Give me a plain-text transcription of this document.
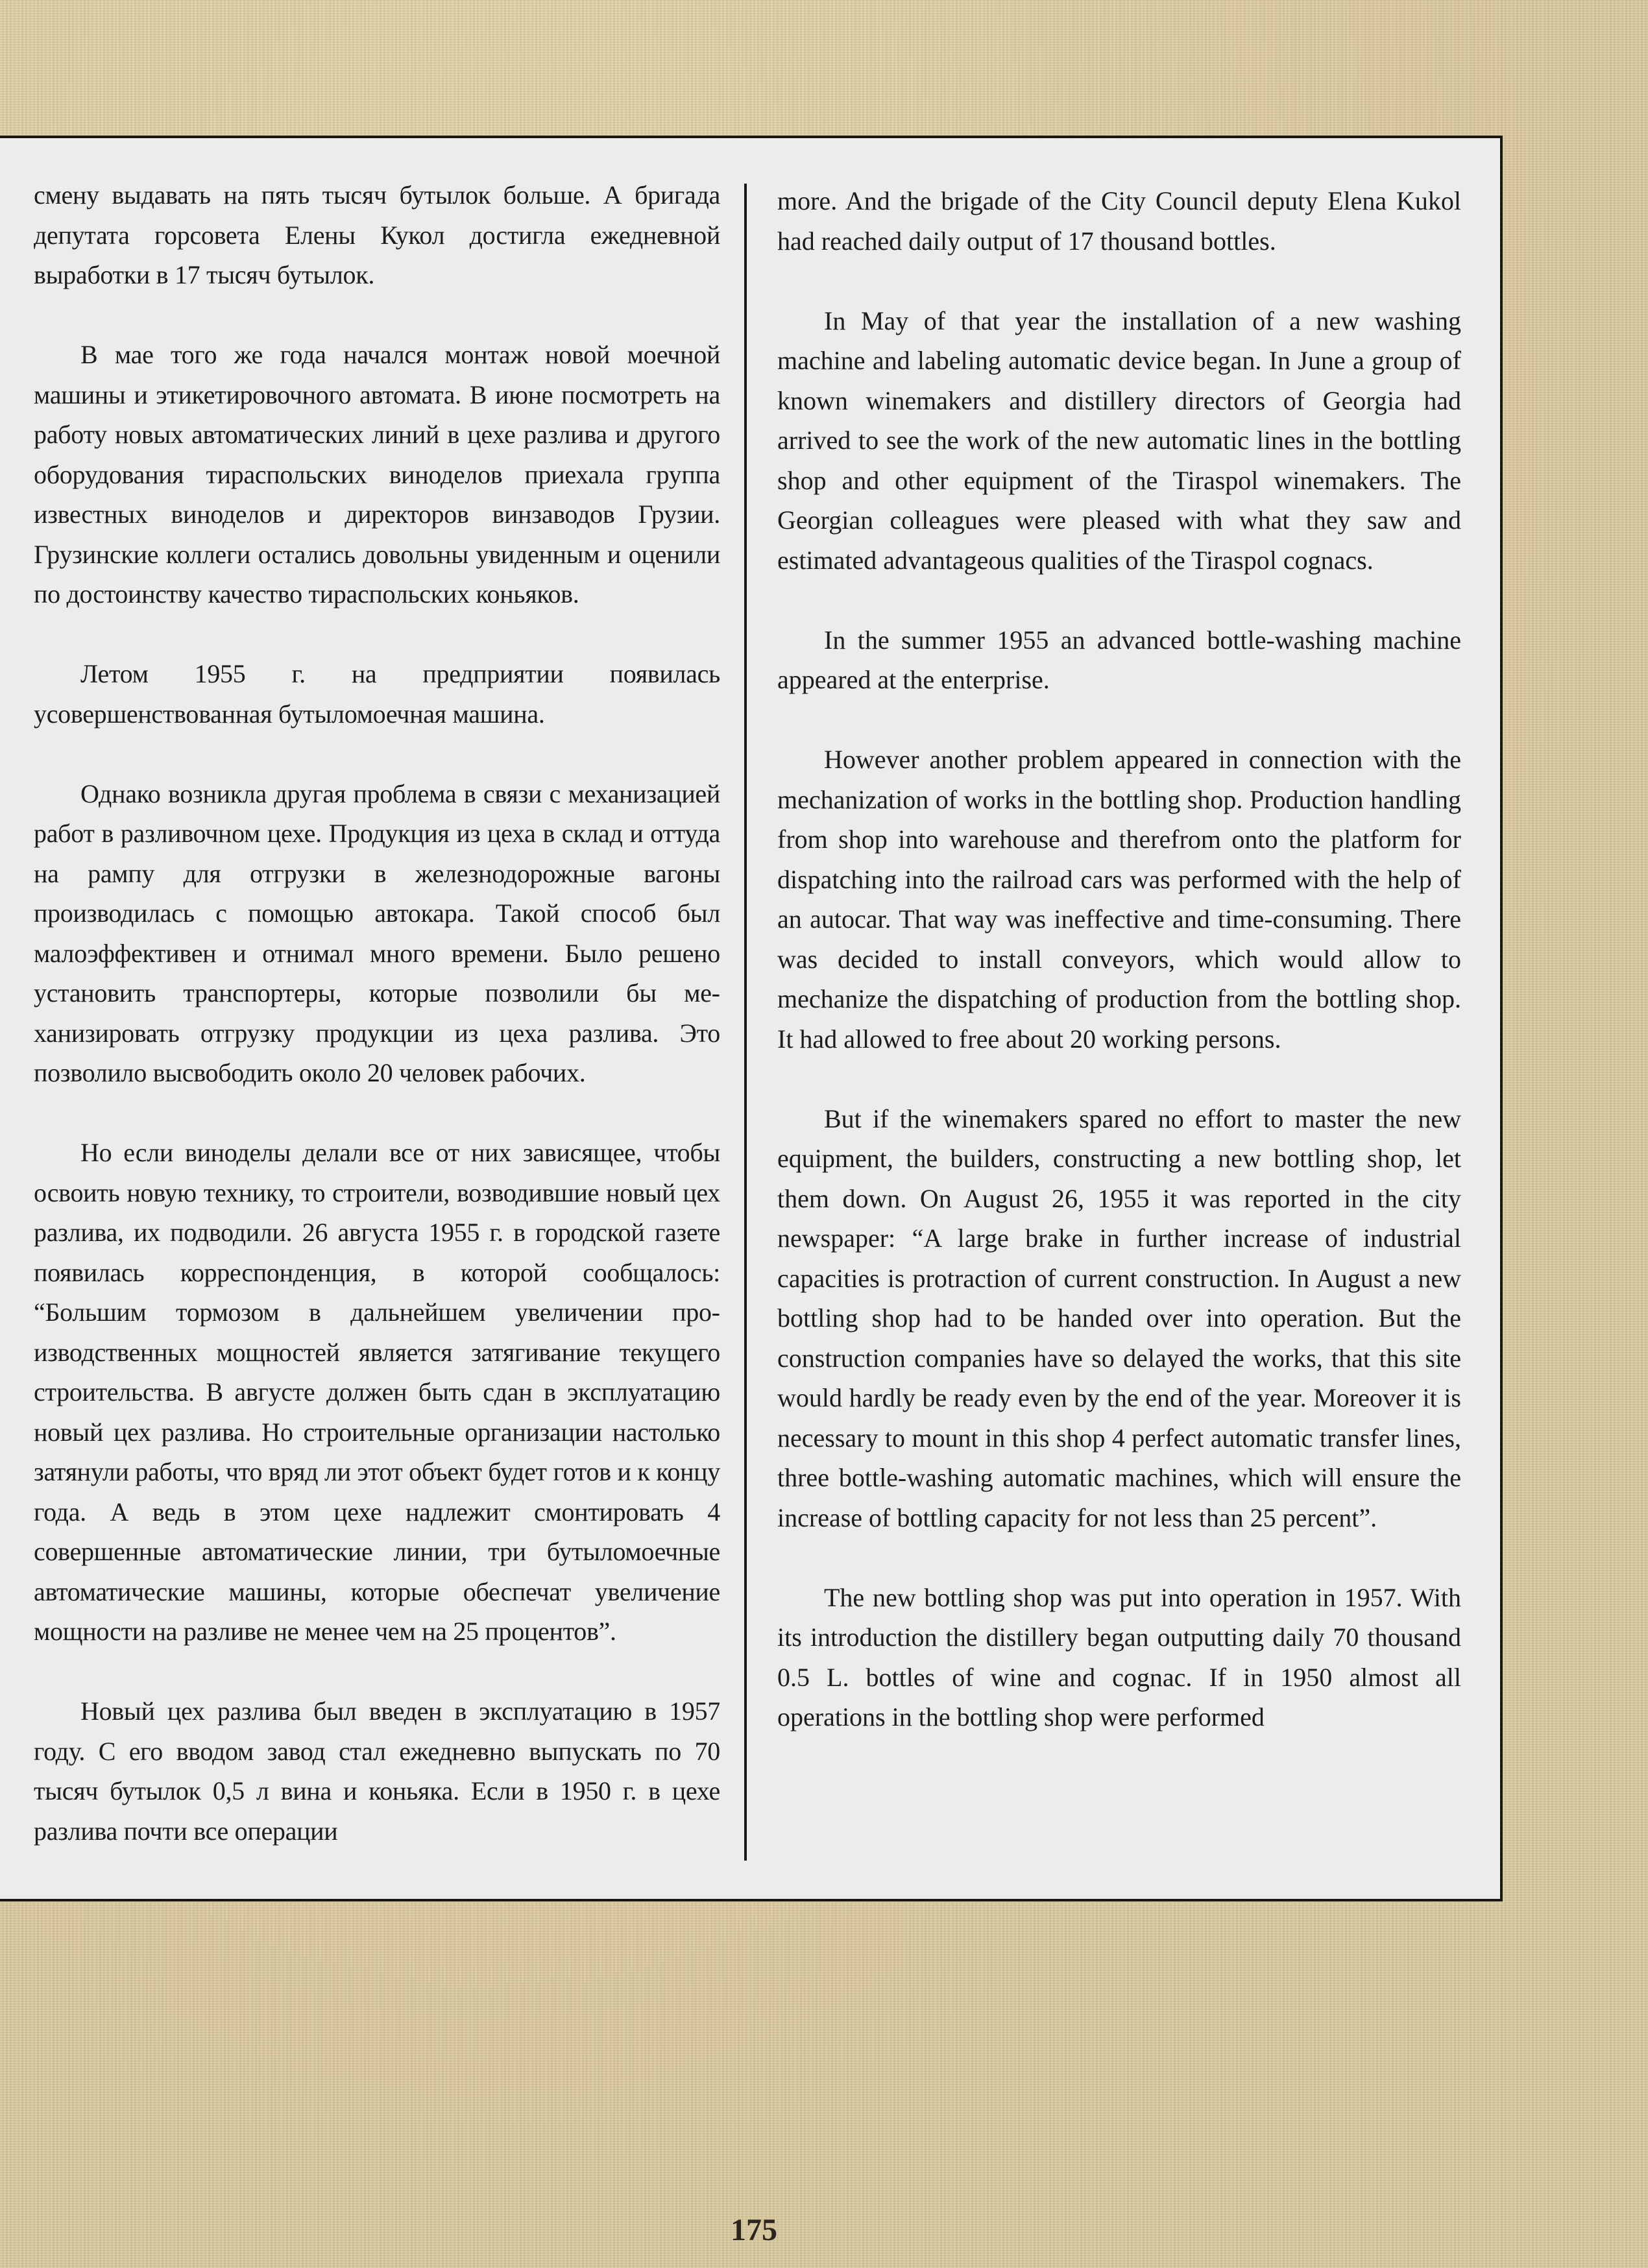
смену выдавать на пять тысяч бутылок больше. А бригада депутата горсовета Елены Кукол достигла ежедневной выработки в 17 тысяч бутылок.

В мае того же года начался монтаж новой моечной машины и этикетировочного автомата. В июне посмотреть на работу новых автоматических линий в цехе разлива и другого оборудования тираспольских виноделов приехала группа известных виноделов и директоров винзаводов Грузии. Грузинские коллеги остались довольны увиденным и оценили по достоинству качество тираспольских коньяков.

Летом 1955 г. на предприятии появилась усовершенствованная бутыломоечная машина.

Однако возникла другая проблема в связи с механизацией работ в разливочном цехе. Продукция из цеха в склад и оттуда на рампу для отгрузки в железнодорожные вагоны производилась с помощью автокара. Такой способ был малоэффективен и отнимал много времени. Было решено установить транспортеры, которые позволили бы механизировать отгрузку продукции из цеха разлива. Это позволило высвободить около 20 человек рабочих.

Но если виноделы делали все от них зависящее, чтобы освоить новую технику, то строители, возводившие новый цех разлива, их подводили. 26 августа 1955 г. в городской газете появилась корреспонденция, в которой сообщалось: “Большим тормозом в дальнейшем увеличении производственных мощностей является затягивание текущего строительства. В августе должен быть сдан в эксплуатацию новый цех разлива. Но строительные организации настолько затянули работы, что вряд ли этот объект будет готов и к концу года. А ведь в этом цехе надлежит смонтировать 4 совершенные автоматические линии, три бутыломоечные автоматические машины, которые обеспечат увеличение мощности на разливе не менее чем на 25 процентов”.

Новый цех разлива был введен в эксплуатацию в 1957 году. С его вводом завод стал ежедневно выпускать по 70 тысяч бутылок 0,5 л вина и коньяка. Если в 1950 г. в цехе разлива почти все операции

more. And the brigade of the City Council deputy Elena Kukol had reached daily output of 17 thousand bottles.

In May of that year the installation of a new washing machine and labeling automatic device began. In June a group of known winemakers and distillery directors of Georgia had arrived to see the work of the new automatic lines in the bottling shop and other equipment of the Tiraspol winemakers. The Georgian colleagues were pleased with what they saw and estimated advantageous qualities of the Tiraspol cognacs.

In the summer 1955 an advanced bottle-washing machine appeared at the enterprise.

However another problem appeared in connection with the mechanization of works in the bottling shop. Production handling from shop into warehouse and therefrom onto the platform for dispatching into the railroad cars was performed with the help of an autocar. That way was ineffective and time-consuming. There was decided to install conveyors, which would allow to mechanize the dispatching of production from the bottling shop. It had allowed to free about 20 working persons.

But if the winemakers spared no effort to master the new equipment, the builders, constructing a new bottling shop, let them down. On August 26, 1955 it was reported in the city newspaper: “A large brake in further increase of industrial capacities is protraction of current construction. In August a new bottling shop had to be handed over into operation. But the construction companies have so delayed the works, that this site would hardly be ready even by the end of the year. Moreover it is necessary to mount in this shop 4 perfect automatic transfer lines, three bottle-washing automatic machines, which will ensure the increase of bottling capacity for not less than 25 percent”.

The new bottling shop was put into operation in 1957. With its introduction the distillery began outputting daily 70 thousand 0.5 L. bottles of wine and cognac. If in 1950 almost all operations in the bottling shop were performed

175
